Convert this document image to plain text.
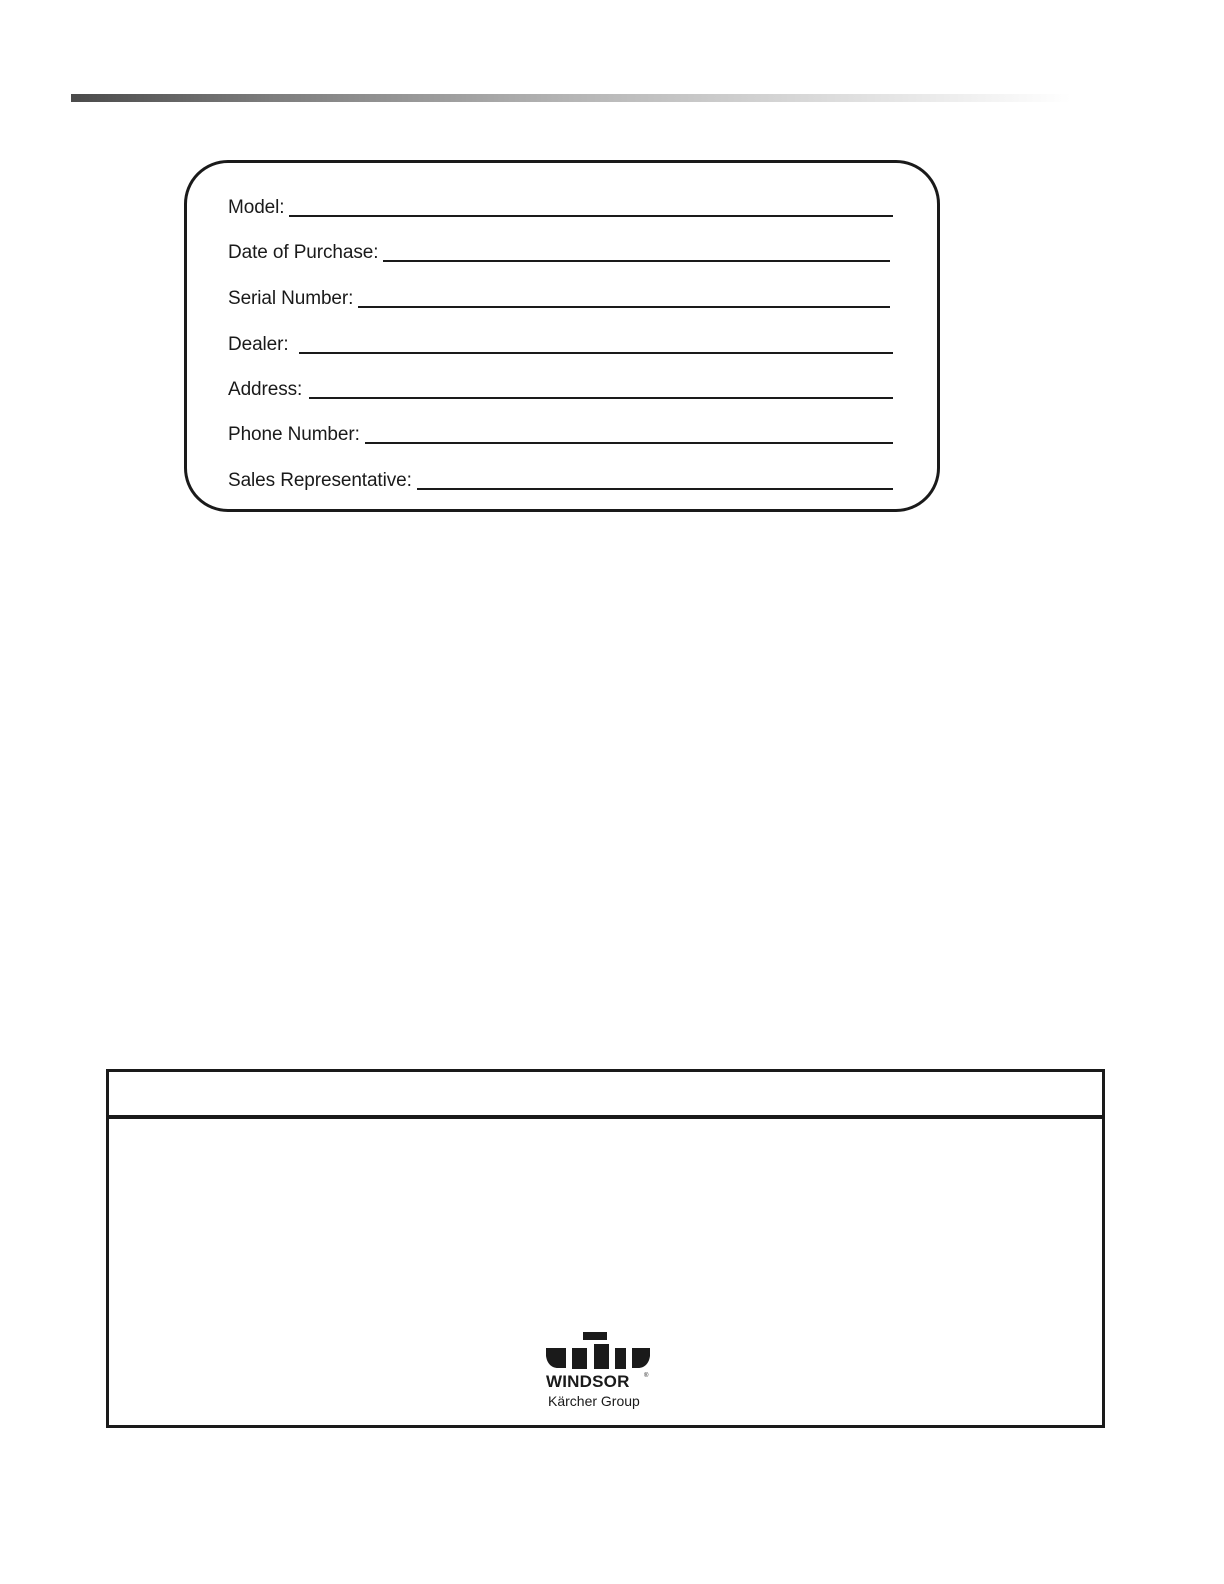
Model:
Date of Purchase:
Serial Number:
Dealer:
Address:
Phone Number:
Sales Representative:
WINDSOR ®
Kärcher Group
